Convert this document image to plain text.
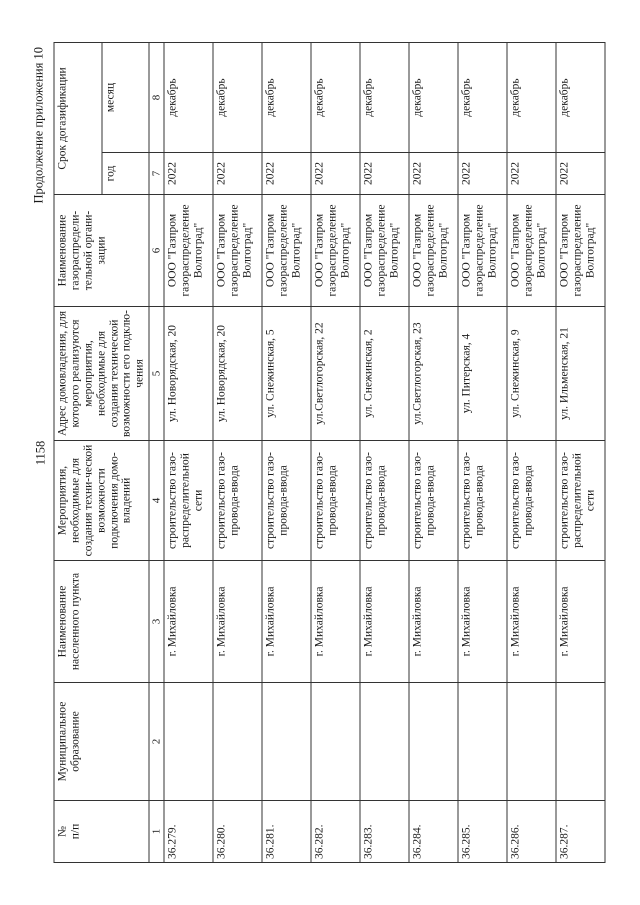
1158
Продолжение приложения 10
№
п/п	Муниципальное образование	Наименование населенного пункта	Мероприятия, необходимые для создания техни-ческой возможности подключения домо-владений	Адрес домовладения, для которого реализуются мероприятия, необходимые для создания технической возможности его подклю-чения	Наименование газораспредели-тельной органи-зации	Срок догазификации	
						год	месяц
1	2	3	4	5	6	7	8
36.279.		г. Михайловка	строительство газо-распределительной сети	ул. Новорядская, 20	ООО "Газпром газораспределение Волгоград"	2022	декабрь
36.280.		г. Михайловка	строительство газо-провода-ввода	ул. Новорядская, 20	ООО "Газпром газораспределение Волгоград"	2022	декабрь
36.281.		г. Михайловка	строительство газо-провода-ввода	ул. Снежинская, 5	ООО "Газпром газораспределение Волгоград"	2022	декабрь
36.282.		г. Михайловка	строительство газо-провода-ввода	ул.Светлогорская, 22	ООО "Газпром газораспределение Волгоград"	2022	декабрь
36.283.		г. Михайловка	строительство газо-провода-ввода	ул. Снежинская, 2	ООО "Газпром газораспределение Волгоград"	2022	декабрь
36.284.		г. Михайловка	строительство газо-провода-ввода	ул.Светлогорская, 23	ООО "Газпром газораспределение Волгоград"	2022	декабрь
36.285.		г. Михайловка	строительство газо-провода-ввода	ул. Питерская, 4	ООО "Газпром газораспределение Волгоград"	2022	декабрь
36.286.		г. Михайловка	строительство газо-провода-ввода	ул. Снежинская, 9	ООО "Газпром газораспределение Волгоград"	2022	декабрь
36.287.		г. Михайловка	строительство газо-распределительной сети	ул. Ильменская, 21	ООО "Газпром газораспределение Волгоград"	2022	декабрь
